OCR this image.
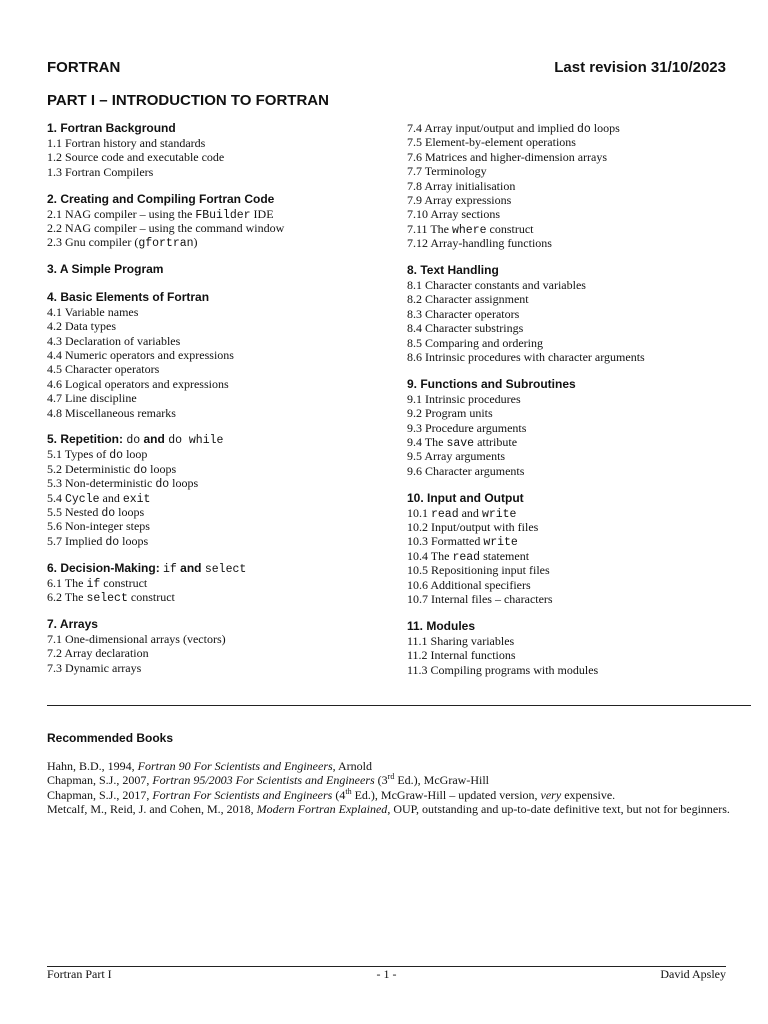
FORTRAN	Last revision 31/10/2023
PART I – INTRODUCTION TO FORTRAN
1. Fortran Background
1.1 Fortran history and standards
1.2 Source code and executable code
1.3 Fortran Compilers
2. Creating and Compiling Fortran Code
2.1 NAG compiler – using the FBuilder IDE
2.2 NAG compiler – using the command window
2.3 Gnu compiler (gfortran)
3. A Simple Program
4. Basic Elements of Fortran
4.1 Variable names
4.2 Data types
4.3 Declaration of variables
4.4 Numeric operators and expressions
4.5 Character operators
4.6 Logical operators and expressions
4.7 Line discipline
4.8 Miscellaneous remarks
5. Repetition: do and do while
5.1 Types of do loop
5.2 Deterministic do loops
5.3 Non-deterministic do loops
5.4 Cycle and exit
5.5 Nested do loops
5.6 Non-integer steps
5.7 Implied do loops
6. Decision-Making: if and select
6.1 The if construct
6.2 The select construct
7. Arrays
7.1 One-dimensional arrays (vectors)
7.2 Array declaration
7.3 Dynamic arrays
7.4 Array input/output and implied do loops
7.5 Element-by-element operations
7.6 Matrices and higher-dimension arrays
7.7 Terminology
7.8 Array initialisation
7.9 Array expressions
7.10 Array sections
7.11 The where construct
7.12 Array-handling functions
8. Text Handling
8.1 Character constants and variables
8.2 Character assignment
8.3 Character operators
8.4 Character substrings
8.5 Comparing and ordering
8.6 Intrinsic procedures with character arguments
9. Functions and Subroutines
9.1 Intrinsic procedures
9.2 Program units
9.3 Procedure arguments
9.4 The save attribute
9.5 Array arguments
9.6 Character arguments
10. Input and Output
10.1 read and write
10.2 Input/output with files
10.3 Formatted write
10.4 The read statement
10.5 Repositioning input files
10.6 Additional specifiers
10.7 Internal files – characters
11. Modules
11.1 Sharing variables
11.2 Internal functions
11.3 Compiling programs with modules
Recommended Books
Hahn, B.D., 1994, Fortran 90 For Scientists and Engineers, Arnold
Chapman, S.J., 2007, Fortran 95/2003 For Scientists and Engineers (3rd Ed.), McGraw-Hill
Chapman, S.J., 2017, Fortran For Scientists and Engineers (4th Ed.), McGraw-Hill – updated version, very expensive.
Metcalf, M., Reid, J. and Cohen, M., 2018, Modern Fortran Explained, OUP, outstanding and up-to-date definitive text, but not for beginners.
Fortran Part I	- 1 -	David Apsley
